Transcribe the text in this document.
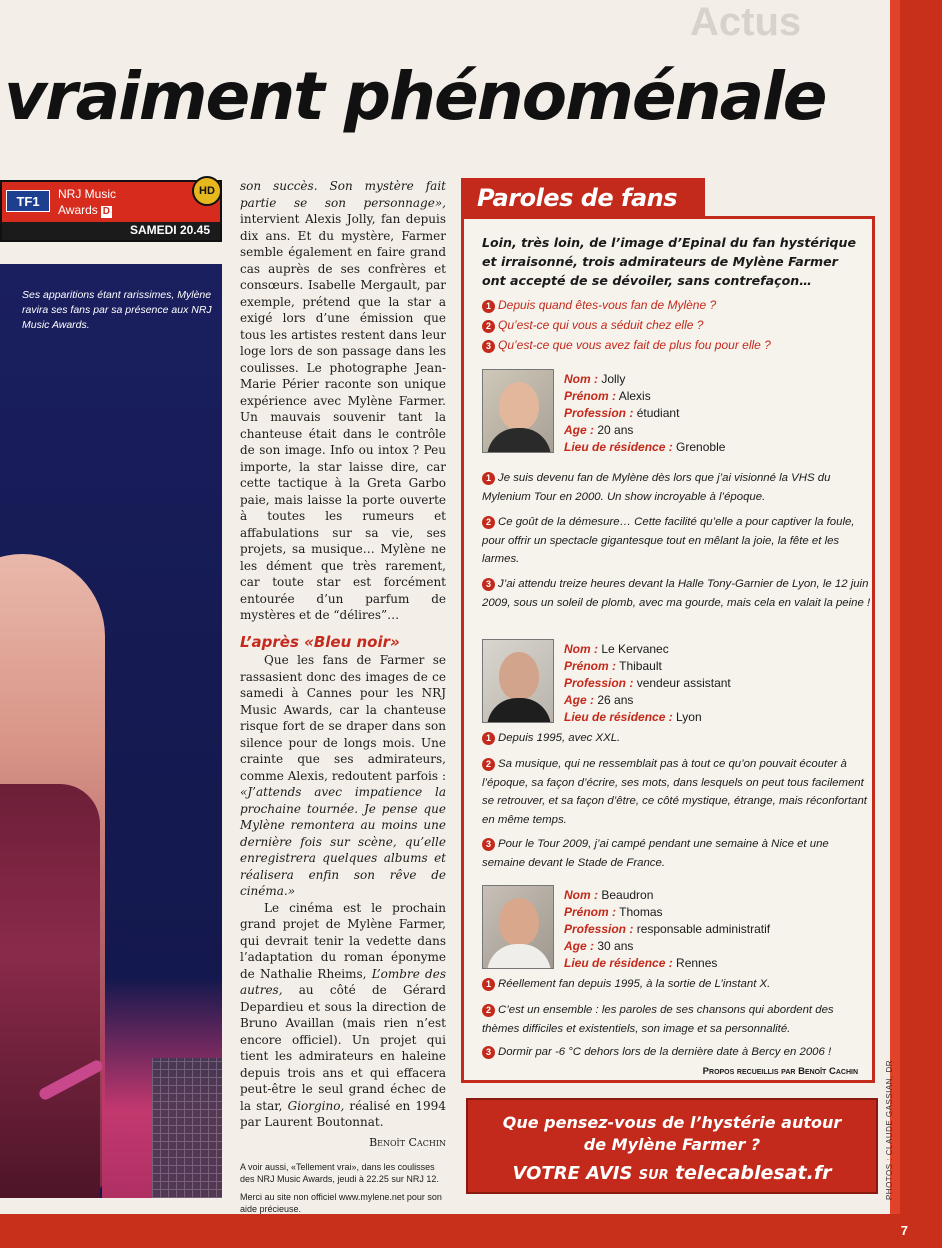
Actus
7
PHOTOS : CLAUDE GASSIAN, DR
vraiment phénoménale
TF1	NRJ Music
Awards D
HD
SAMEDI 20.45
Ses apparitions étant rarissimes, Mylène ravira ses fans par sa présence aux NRJ Music Awards.

son succès. Son mystère fait partie se son personnage», intervient Alexis Jolly, fan depuis dix ans. Et du mystère, Farmer semble également en faire grand cas auprès de ses confrères et consœurs. Isabelle Mergault, par exemple, prétend que la star a exigé lors d’une émission que tous les artistes restent dans leur loge lors de son passage dans les coulisses. Le photographe Jean-Marie Périer raconte son unique expérience avec Mylène Farmer. Un mauvais souvenir tant la chanteuse était dans le contrôle de son image. Info ou intox ? Peu importe, la star laisse dire, car cette tactique à la Greta Garbo paie, mais laisse la porte ouverte à toutes les rumeurs et affabulations sur sa vie, ses projets, sa musique… Mylène ne les dément que très rarement, car toute star est forcément entourée d’un parfum de mystères et de “délires”…

L’après «Bleu noir»

Que les fans de Farmer se rassasient donc des images de ce samedi à Cannes pour les NRJ Music Awards, car la chanteuse risque fort de se draper dans son silence pour de longs mois. Une crainte que ses admirateurs, comme Alexis, redoutent parfois : «J’attends avec impatience la prochaine tournée. Je pense que Mylène remontera au moins une dernière fois sur scène, qu’elle enregistrera quelques albums et réalisera enfin son rêve de cinéma.»

Le cinéma est le prochain grand projet de Mylène Farmer, qui devrait tenir la vedette dans l’adaptation du roman éponyme de Nathalie Rheims, L’ombre des autres, au côté de Gérard Depardieu et sous la direction de Bruno Availlan (mais rien n’est encore officiel). Un projet qui tient les admirateurs en haleine depuis trois ans et qui effacera peut-être le seul grand échec de la star, Giorgino, réalisé en 1994 par Laurent Boutonnat.

Benoît Cachin
A voir aussi, «Tellement vrai», dans les coulisses des NRJ Music Awards, jeudi à 22.25 sur NRJ 12.
Merci au site non officiel www.mylene.net pour son aide précieuse.
Paroles de fans
Loin, très loin, de l’image d’Epinal du fan hystérique et irraisonné, trois admirateurs de Mylène Farmer ont accepté de se dévoiler, sans contrefaçon…
1 Depuis quand êtes-vous fan de Mylène ?
2 Qu’est-ce qui vous a séduit chez elle ?
3 Qu’est-ce que vous avez fait de plus fou pour elle ?
Nom : Jolly
Prénom : Alexis
Profession : étudiant
Age : 20 ans
Lieu de résidence : Grenoble
1 Je suis devenu fan de Mylène dès lors que j’ai visionné la VHS du Mylenium Tour en 2000. Un show incroyable à l’époque.
2 Ce goût de la démesure… Cette facilité qu’elle a pour captiver la foule, pour offrir un spectacle gigantesque tout en mêlant la joie, la fête et les larmes.
3 J’ai attendu treize heures devant la Halle Tony-Garnier de Lyon, le 12 juin 2009, sous un soleil de plomb, avec ma gourde, mais cela en valait la peine !
Nom : Le Kervanec
Prénom : Thibault
Profession : vendeur assistant
Age : 26 ans
Lieu de résidence : Lyon
1 Depuis 1995, avec XXL.
2 Sa musique, qui ne ressemblait pas à tout ce qu’on pouvait écouter à l’époque, sa façon d’écrire, ses mots, dans lesquels on peut tous facilement se retrouver, et sa façon d’être, ce côté mystique, étrange, mais réconfortant en même temps.
3 Pour le Tour 2009, j’ai campé pendant une semaine à Nice et une semaine devant le Stade de France.
Nom : Beaudron
Prénom : Thomas
Profession : responsable administratif
Age : 30 ans
Lieu de résidence : Rennes
1 Réellement fan depuis 1995, à la sortie de L’instant X.
2 C’est un ensemble : les paroles de ses chansons qui abordent des thèmes difficiles et existentiels, son image et sa personnalité.
3 Dormir par -6 °C dehors lors de la dernière date à Bercy en 2006 !
Propos recueillis par Benoît Cachin
Que pensez-vous de l’hystérie autour
de Mylène Farmer ?
VOTRE AVIS SUR telecablesat.fr
